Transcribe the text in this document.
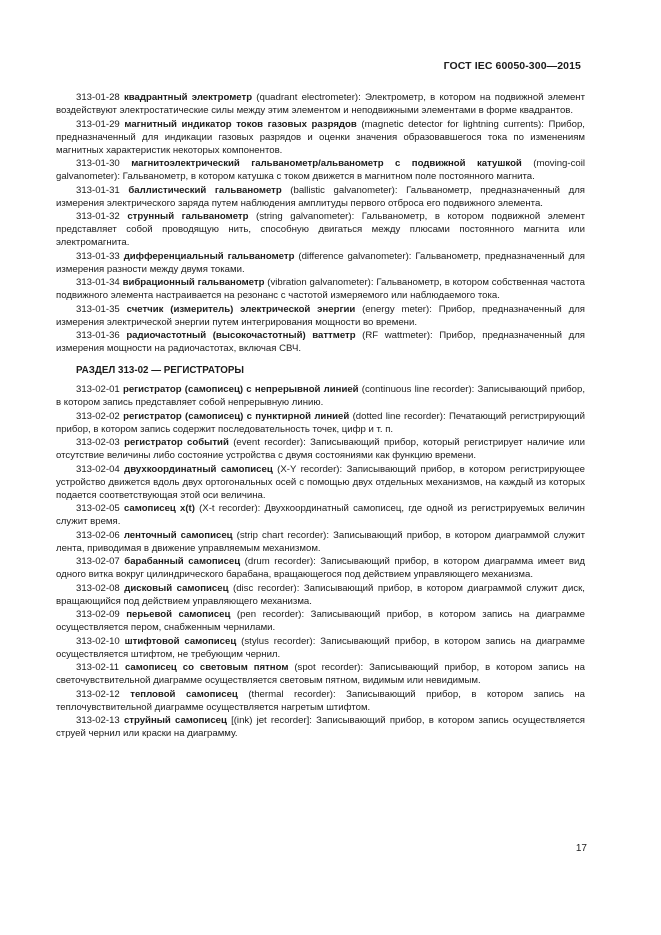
ГОСТ IEC 60050-300—2015

313-01-28 квадрантный электрометр (quadrant electrometer): Электрометр, в котором на подвижной элемент воздействуют электростатические силы между этим элементом и неподвижными элементами в форме квадрантов.

313-01-29 магнитный индикатор токов газовых разрядов (magnetic detector for lightning currents): Прибор, предназначенный для индикации газовых разрядов и оценки значения образовавшегося тока по изменениям магнитных характеристик некоторых компонентов.

313-01-30 магнитоэлектрический гальванометр/альванометр с подвижной катушкой (moving-coil galvanometer): Гальванометр, в котором катушка с током движется в магнитном поле постоянного магнита.

313-01-31 баллистический гальванометр (ballistic galvanometer): Гальванометр, предназначенный для измерения электрического заряда путем наблюдения амплитуды первого отброса его подвижного элемента.

313-01-32 струнный гальванометр (string galvanometer): Гальванометр, в котором подвижной элемент представляет собой проводящую нить, способную двигаться между плюсами постоянного магнита или электромагнита.

313-01-33 дифференциальный гальванометр (difference galvanometer): Гальванометр, предназначенный для измерения разности между двумя токами.

313-01-34 вибрационный гальванометр (vibration galvanometer): Гальванометр, в котором собственная частота подвижного элемента настраивается на резонанс с частотой измеряемого или наблюдаемого тока.

313-01-35 счетчик (измеритель) электрической энергии (energy meter): Прибор, предназначенный для измерения электрической энергии путем интегрирования мощности во времени.

313-01-36 радиочастотный (высокочастотный) ваттметр (RF wattmeter): Прибор, предназначенный для измерения мощности на радиочастотах, включая СВЧ.

РАЗДЕЛ 313-02 — РЕГИСТРАТОРЫ

313-02-01 регистратор (самописец) с непрерывной линией (continuous line recorder): Записывающий прибор, в котором запись представляет собой непрерывную линию.

313-02-02 регистратор (самописец) с пунктирной линией (dotted line recorder): Печатающий регистрирующий прибор, в котором запись содержит последовательность точек, цифр и т. п.

313-02-03 регистратор событий (event recorder): Записывающий прибор, который регистрирует наличие или отсутствие величины либо состояние устройства с двумя состояниями как функцию времени.

313-02-04 двухкоординатный самописец (X-Y recorder): Записывающий прибор, в котором регистрирующее устройство движется вдоль двух ортогональных осей с помощью двух отдельных механизмов, на каждый из которых подается соответствующая этой оси величина.

313-02-05 самописец x(t) (X-t recorder): Двухкоординатный самописец, где одной из регистрируемых величин служит время.

313-02-06 ленточный самописец (strip chart recorder): Записывающий прибор, в котором диаграммой служит лента, приводимая в движение управляемым механизмом.

313-02-07 барабанный самописец (drum recorder): Записывающий прибор, в котором диаграмма имеет вид одного витка вокруг цилиндрического барабана, вращающегося под действием управляющего механизма.

313-02-08 дисковый самописец (disc recorder): Записывающий прибор, в котором диаграммой служит диск, вращающийся под действием управляющего механизма.

313-02-09 перьевой самописец (pen recorder): Записывающий прибор, в котором запись на диаграмме осуществляется пером, снабженным чернилами.

313-02-10 штифтовой самописец (stylus recorder): Записывающий прибор, в котором запись на диаграмме осуществляется штифтом, не требующим чернил.

313-02-11 самописец со световым пятном (spot recorder): Записывающий прибор, в котором запись на светочувствительной диаграмме осуществляется световым пятном, видимым или невидимым.

313-02-12 тепловой самописец (thermal recorder): Записывающий прибор, в котором запись на теплочувствительной диаграмме осуществляется нагретым штифтом.

313-02-13 струйный самописец [(ink) jet recorder]: Записывающий прибор, в котором запись осуществляется струей чернил или краски на диаграмму.

17
